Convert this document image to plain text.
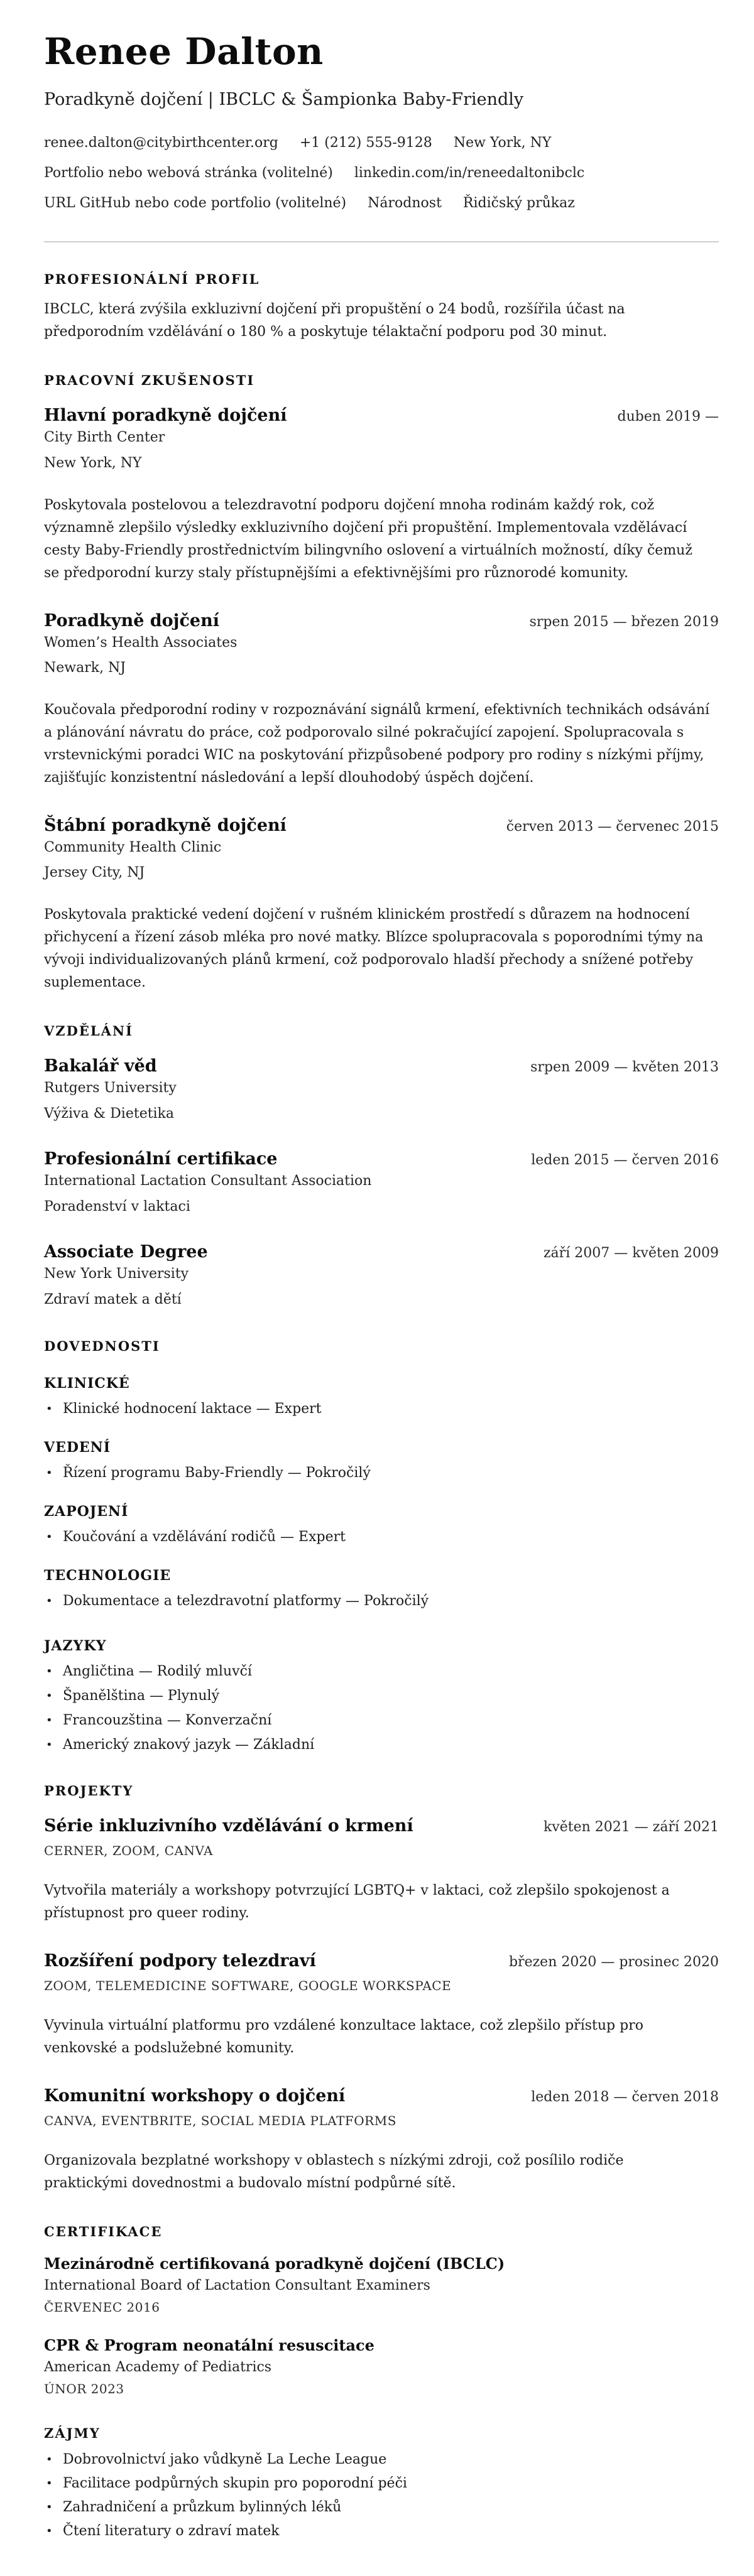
Renee Dalton
Poradkyně dojčení | IBCLC & Šampionka Baby-Friendly
renee.dalton@citybirthcenter.org +1 (212) 555-9128 New York, NY
Portfolio nebo webová stránka (volitelné) linkedin.com/in/reneedaltonibclc
URL GitHub nebo code portfolio (volitelné) Národnost Řidičský průkaz
PROFESIONÁLNÍ PROFIL

IBCLC, která zvýšila exkluzivní dojčení při propuštění o 24 bodů, rozšířila účast na předporodním vzdělávání o 180 % a poskytuje télaktační podporu pod 30 minut.

PRACOVNÍ ZKUŠENOSTI
Hlavní poradkyně dojčení	duben 2019 —
City Birth Center
New York, NY

Poskytovala postelovou a telezdravotní podporu dojčení mnoha rodinám každý rok, což významně zlepšilo výsledky exkluzivního dojčení při propuštění. Implementovala vzdělávací cesty Baby-Friendly prostřednictvím bilingvního oslovení a virtuálních možností, díky čemuž se předporodní kurzy staly přístupnějšími a efektivnějšími pro různorodé komunity.

Poradkyně dojčení	srpen 2015 — březen 2019
Women’s Health Associates
Newark, NJ

Koučovala předporodní rodiny v rozpoznávání signálů krmení, efektivních technikách odsávání a plánování návratu do práce, což podporovalo silné pokračující zapojení. Spolupracovala s vrstevnickými poradci WIC na poskytování přizpůsobené podpory pro rodiny s nízkými příjmy, zajišťujíc konzistentní následování a lepší dlouhodobý úspěch dojčení.

Štábní poradkyně dojčení	červen 2013 — červenec 2015
Community Health Clinic
Jersey City, NJ

Poskytovala praktické vedení dojčení v rušném klinickém prostředí s důrazem na hodnocení přichycení a řízení zásob mléka pro nové matky. Blízce spolupracovala s poporodními týmy na vývoji individualizovaných plánů krmení, což podporovalo hladší přechody a snížené potřeby suplementace.

VZDĚLÁNÍ
Bakalář věd	srpen 2009 — květen 2013
Rutgers University
Výživa & Dietetika
Profesionální certifikace	leden 2015 — červen 2016
International Lactation Consultant Association
Poradenství v laktaci
Associate Degree	září 2007 — květen 2009
New York University
Zdraví matek a dětí
DOVEDNOSTI
KLINICKÉ
• Klinické hodnocení laktace — Expert
VEDENÍ
• Řízení programu Baby-Friendly — Pokročilý
ZAPOJENÍ
• Koučování a vzdělávání rodičů — Expert
TECHNOLOGIE
• Dokumentace a telezdravotní platformy — Pokročilý
JAZYKY
• Angličtina — Rodilý mluvčí
• Španělština — Plynulý
• Francouzština — Konverzační
• Americký znakový jazyk — Základní
PROJEKTY
Série inkluzivního vzdělávání o krmení	květen 2021 — září 2021
CERNER, ZOOM, CANVA

Vytvořila materiály a workshopy potvrzující LGBTQ+ v laktaci, což zlepšilo spokojenost a přístupnost pro queer rodiny.

Rozšíření podpory telezdraví	březen 2020 — prosinec 2020
ZOOM, TELEMEDICINE SOFTWARE, GOOGLE WORKSPACE

Vyvinula virtuální platformu pro vzdálené konzultace laktace, což zlepšilo přístup pro venkovské a podslužebné komunity.

Komunitní workshopy o dojčení	leden 2018 — červen 2018
CANVA, EVENTBRITE, SOCIAL MEDIA PLATFORMS

Organizovala bezplatné workshopy v oblastech s nízkými zdroji, což posílilo rodiče praktickými dovednostmi a budovalo místní podpůrné sítě.

CERTIFIKACE
Mezinárodně certifikovaná poradkyně dojčení (IBCLC)
International Board of Lactation Consultant Examiners
ČERVENEC 2016
CPR & Program neonatální resuscitace
American Academy of Pediatrics
ÚNOR 2023
ZÁJMY
• Dobrovolnictví jako vůdkyně La Leche League
• Facilitace podpůrných skupin pro poporodní péči
• Zahradničení a průzkum bylinných léků
• Čtení literatury o zdraví matek
